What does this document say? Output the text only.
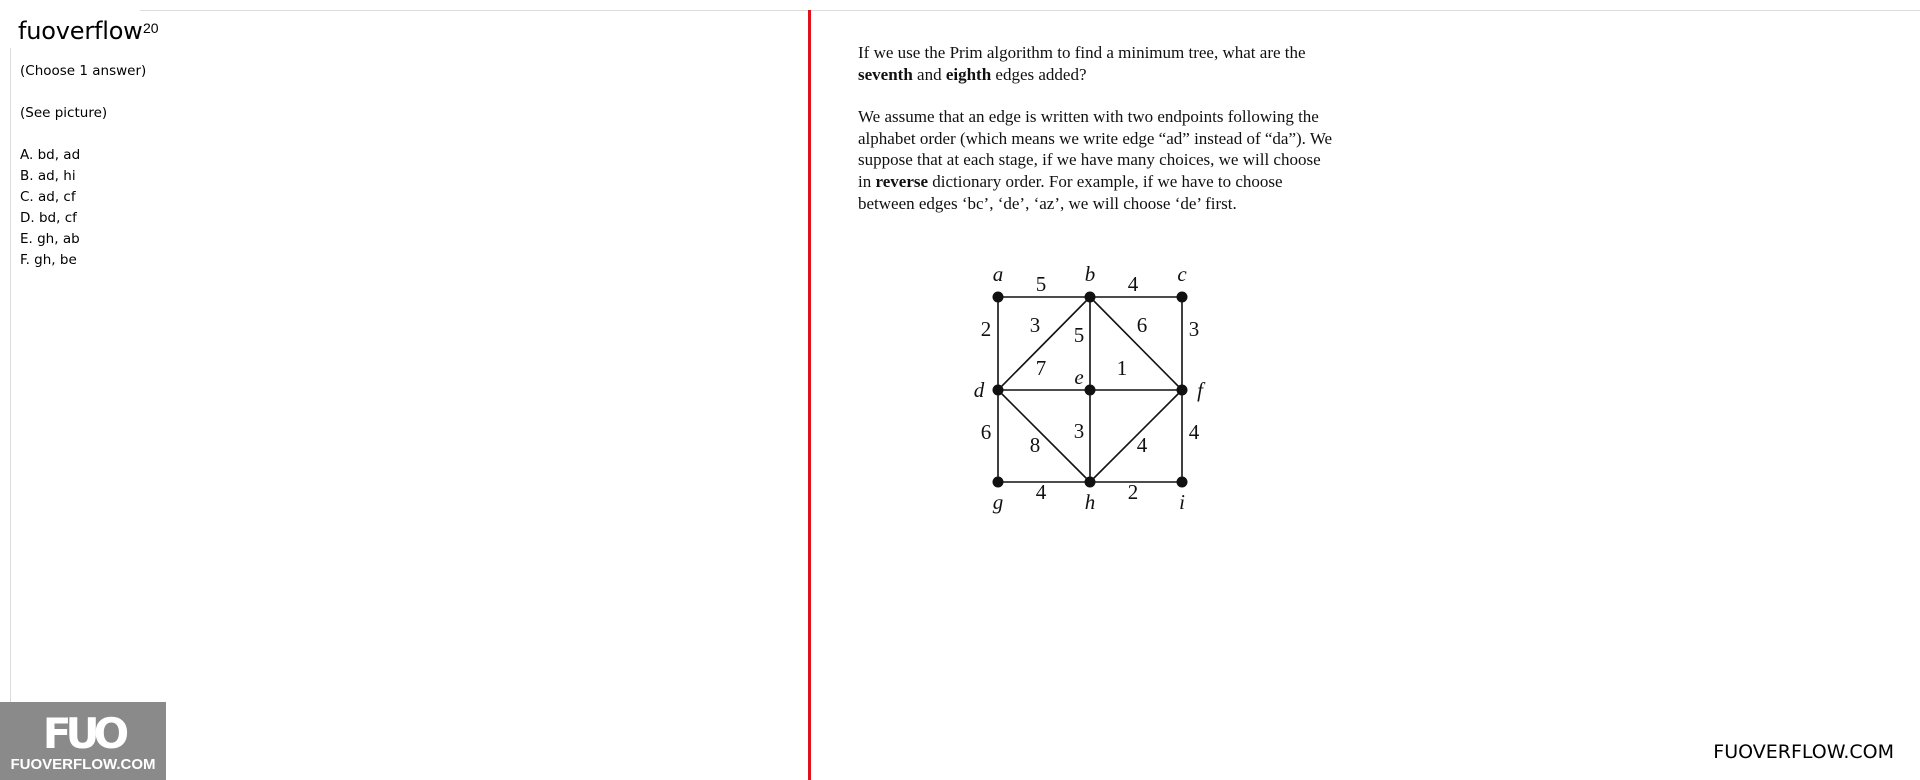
fuoverflow 20
(Choose 1 answer)
(See picture)
A. bd, ad
B. ad, hi
C. ad, cf
D. bd, cf
E. gh, ab
F. gh, be

If we use the Prim algorithm to find a minimum tree, what are the seventh and eighth edges added?

We assume that an edge is written with two endpoints following the alphabet order (which means we write edge “ad” instead of “da”). We suppose that at each stage, if we have many choices, we will choose in reverse dictionary order. For example, if we have to choose between edges ‘bc’, ‘de’, ‘az’, we will choose ‘de’ first.

5	4
2 3 5	6 3
7	1
6
8
3
4
4
4	2
a	b	c
d
e
f
g	h	i
FUO
FUOVERFLOW.COM
FUOVERFLOW.COM
